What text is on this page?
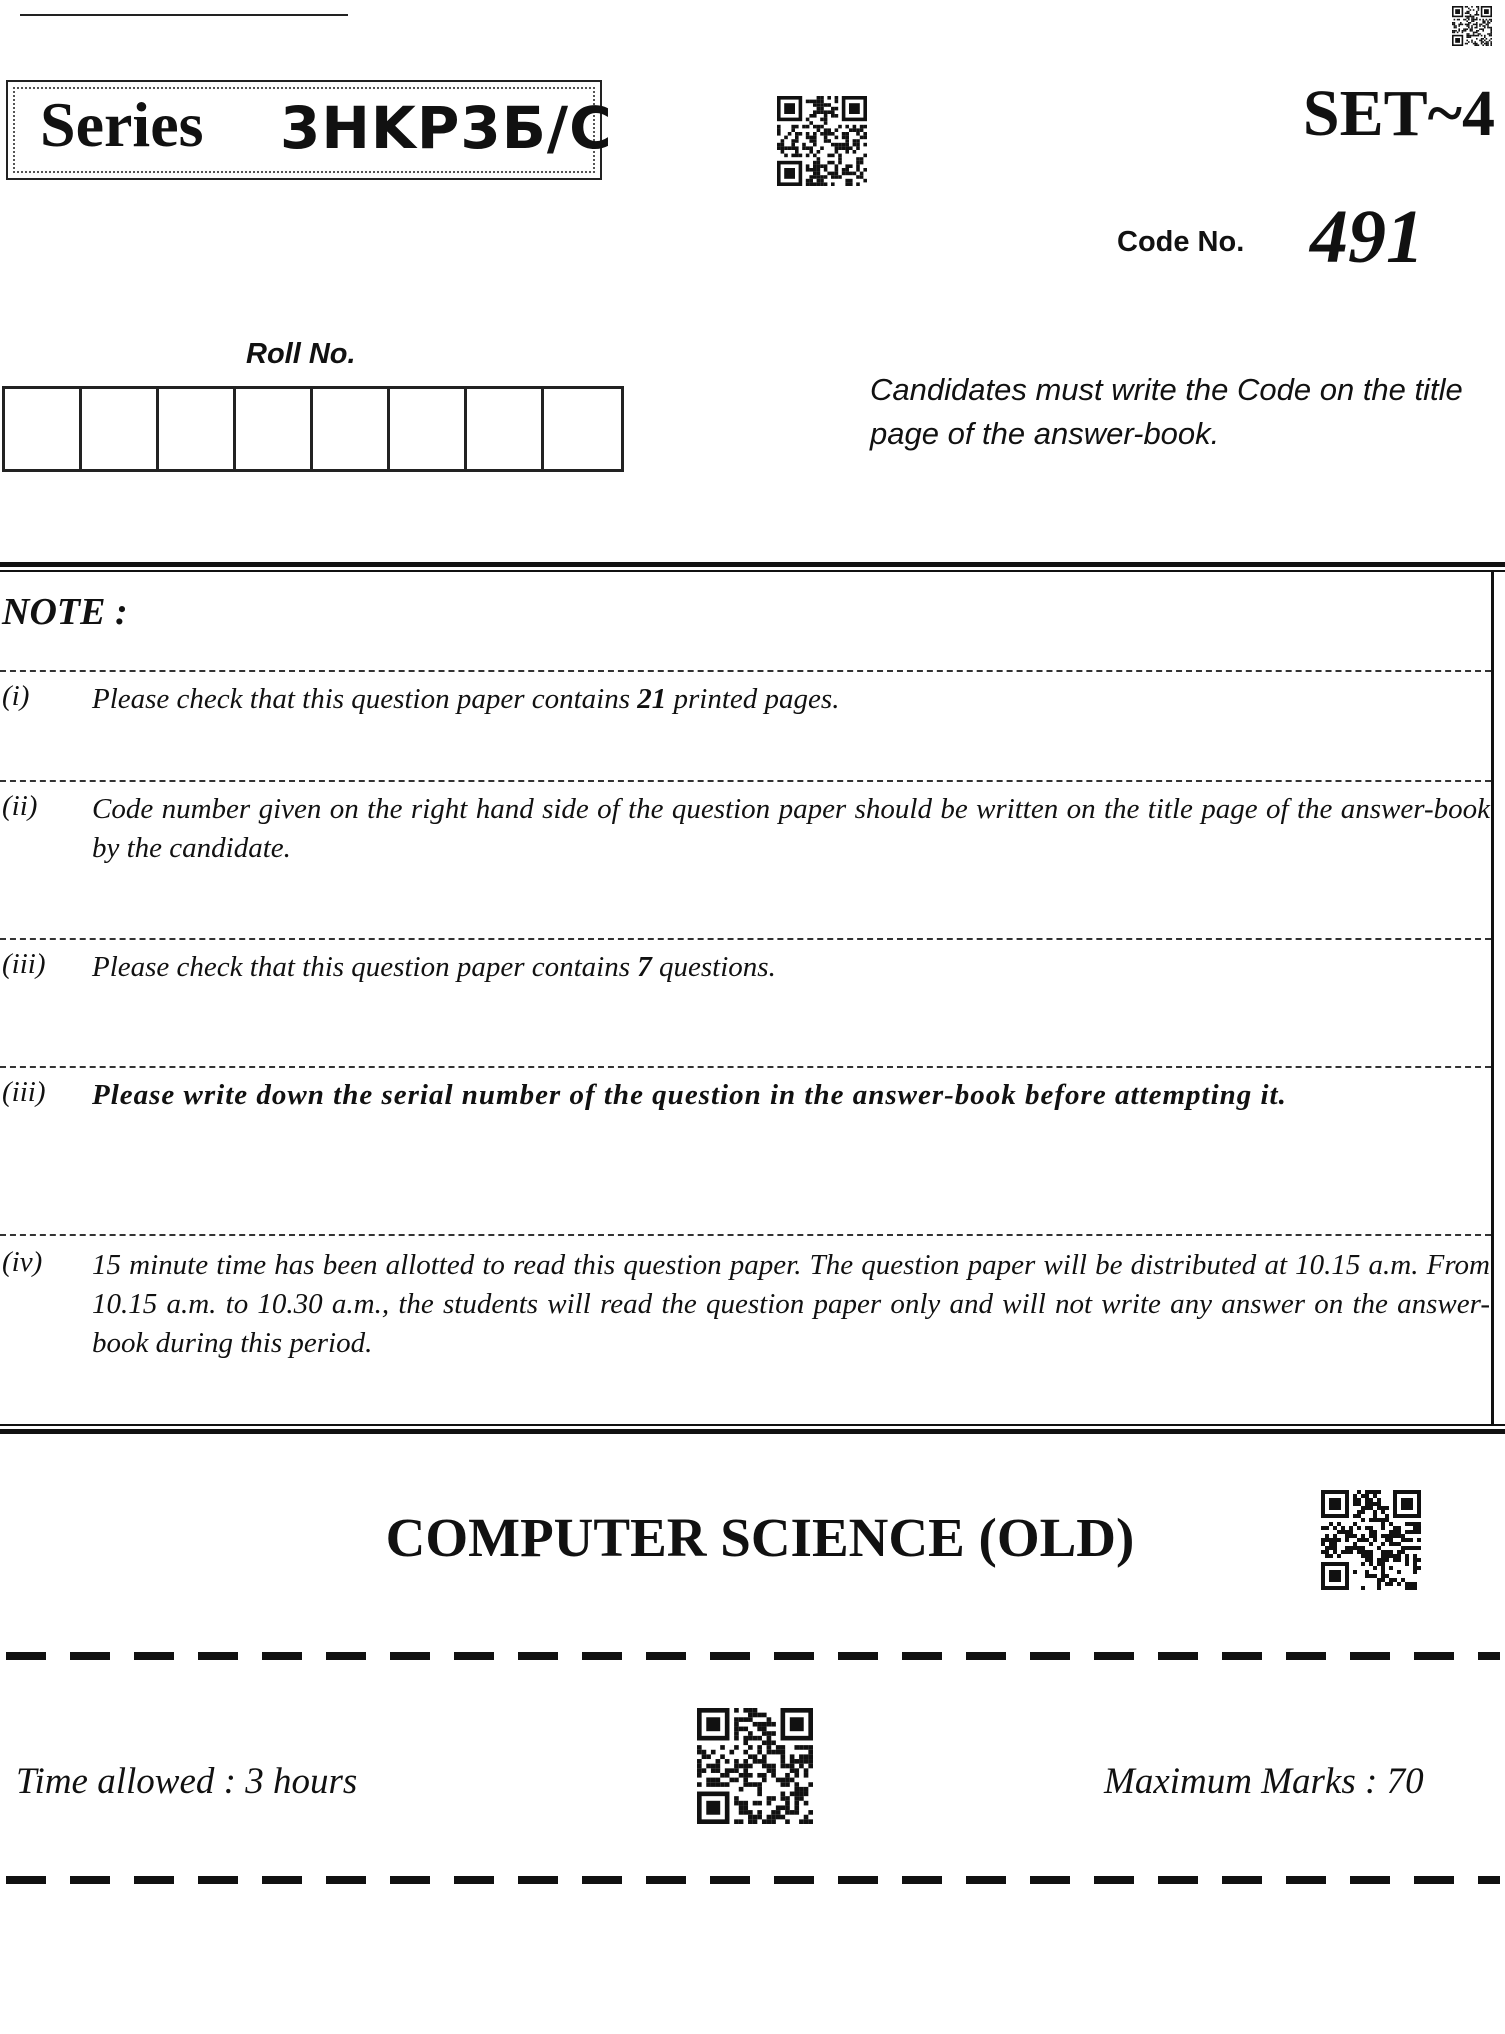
Series 3HKP3Б/C	SET~4
Code No. 491
Roll No.
Candidates must write the Code on the title page of the answer-book.
NOTE :
(i) Please check that this question paper contains 21 printed pages.
(ii) Code number given on the right hand side of the question paper should be written on the title page of the answer-book by the candidate.
(iii) Please check that this question paper contains 7 questions.
(iii) Please write down the serial number of the question in the answer-book before attempting it.
(iv) 15 minute time has been allotted to read this question paper. The question paper will be distributed at 10.15 a.m. From 10.15 a.m. to 10.30 a.m., the students will read the question paper only and will not write any answer on the answer-book during this period.
COMPUTER SCIENCE (OLD)
Time allowed : 3 hours	Maximum Marks : 70
